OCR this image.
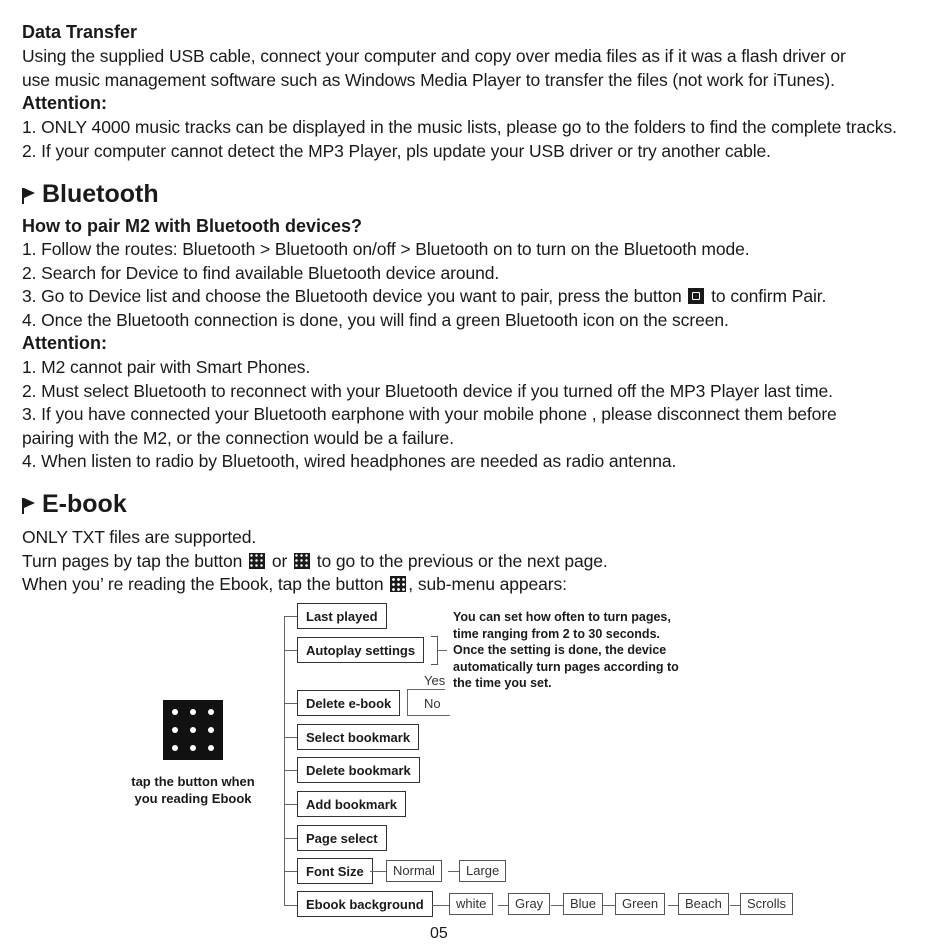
Data Transfer
Using the supplied USB cable, connect your computer and copy over media files as if it was a flash driver or
use music management software such as Windows Media Player to transfer the files (not work for iTunes).
Attention:
1. ONLY 4000 music tracks can be displayed in the music lists, please go to the folders to find the complete tracks.
2. If your computer cannot detect the MP3 Player, pls update your USB driver or try another cable.
Bluetooth
How to pair M2 with Bluetooth devices?
1. Follow the routes: Bluetooth > Bluetooth on/off > Bluetooth on to turn on the Bluetooth mode.
2. Search for Device to find available Bluetooth device around.
3. Go to Device list and choose the Bluetooth device you want to pair, press the button to confirm Pair.
4. Once the Bluetooth connection is done, you will find a green Bluetooth icon on the screen.
Attention:
1. M2 cannot pair with Smart Phones.
2. Must select Bluetooth to reconnect with your Bluetooth device if you turned off the MP3 Player last time.
3. If you have connected your Bluetooth earphone with your mobile phone , please disconnect them before
pairing with the M2, or the connection would be a failure.
4. When listen to radio by Bluetooth, wired headphones are needed as radio antenna.
E-book
ONLY TXT files are supported.
Turn pages by tap the button or to go to the previous or the next page.
When you’ re reading the Ebook, tap the button , sub-menu appears:
Last played
Autoplay settings
Delete e-book
Select bookmark
Delete bookmark
Add bookmark
Page select
Font Size
Ebook background
You can set how often to turn pages,
time ranging from 2 to 30 seconds.
Once the setting is done, the device
automatically turn pages according to
the time you set.
Yes
No
Normal	Large
white	Gray	Blue	Green	Beach	Scrolls
tap the button when
you reading Ebook
05
